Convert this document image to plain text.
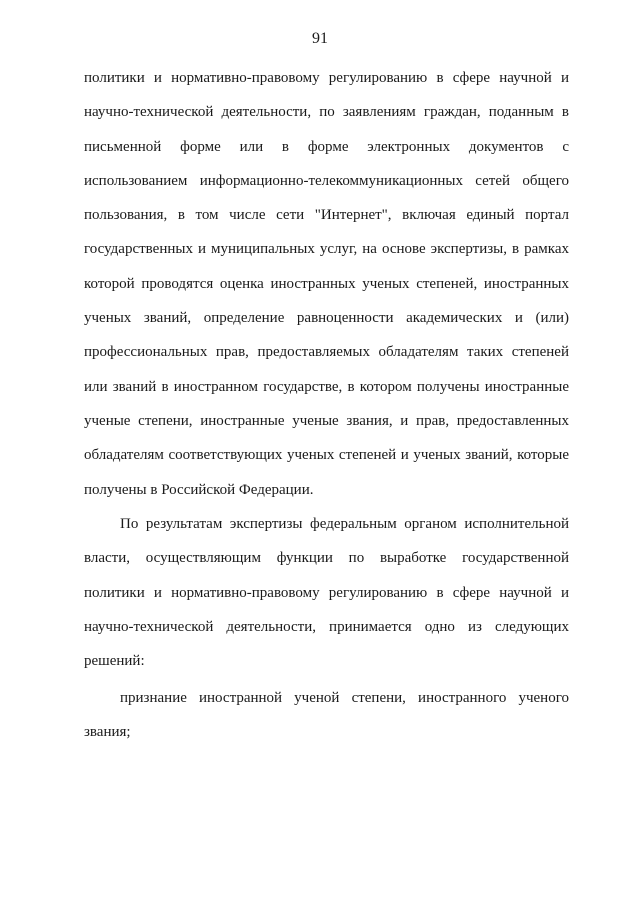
91
политики и нормативно-правовому регулированию в сфере научной и
научно-технической деятельности, по заявлениям граждан, поданным в
письменной форме или в форме электронных документов с
использованием информационно-телекоммуникационных сетей общего
пользования, в том числе сети "Интернет", включая единый портал
государственных и муниципальных услуг, на основе экспертизы, в рамках
которой проводятся оценка иностранных ученых степеней, иностранных
ученых званий, определение равноценности академических и (или)
профессиональных прав, предоставляемых обладателям таких степеней
или званий в иностранном государстве, в котором получены иностранные
ученые степени, иностранные ученые звания, и прав, предоставленных
обладателям соответствующих ученых степеней и ученых званий, которые
получены в Российской Федерации.
По результатам экспертизы федеральным органом исполнительной
власти, осуществляющим функции по выработке государственной
политики и нормативно-правовому регулированию в сфере научной и
научно-технической деятельности, принимается одно из следующих
решений:
признание иностранной ученой степени, иностранного ученого
звания;
